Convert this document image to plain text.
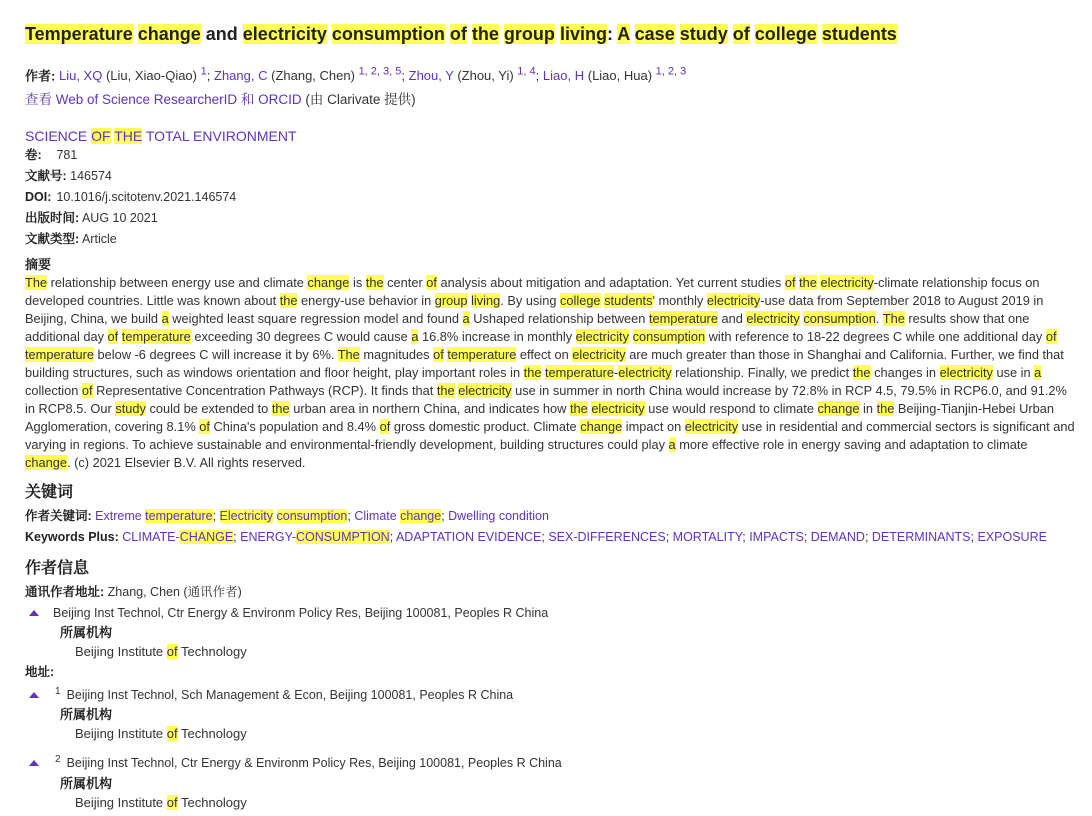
Temperature change and electricity consumption of the group living: A case study of college students
作者: Liu, XQ (Liu, Xiao-Qiao) $^1$; Zhang, C (Zhang, Chen) $^{1, 2, 3, 5}$; Zhou, Y (Zhou, Yi) $^{1, 4}$; Liao, H (Liao, Hua) $^{1, 2, 3}$
查看 Web of Science ResearcherID 和 ORCID (由 Clarivate 提供)
SCIENCE OF THE TOTAL ENVIRONMENT
卷: 781
文献号: 146574
DOI: 10.1016/j.scitotenv.2021.146574
出版时间: AUG 10 2021
文献类型: Article
摘要
The relationship between energy use and climate change is the center of analysis about mitigation and adaptation. Yet current studies of the electricity-climate relationship focus on developed countries. Little was known about the energy-use behavior in group living. By using college students' monthly electricity-use data from September 2018 to August 2019 in Beijing, China, we build a weighted least square regression model and found a Ushaped relationship between temperature and electricity consumption. The results show that one additional day of temperature exceeding 30 degrees C would cause a 16.8% increase in monthly electricity consumption with reference to 18-22 degrees C while one additional day of temperature below -6 degrees C will increase it by 6%. The magnitudes of temperature effect on electricity are much greater than those in Shanghai and California. Further, we find that building structures, such as windows orientation and floor height, play important roles in the temperature-electricity relationship. Finally, we predict the changes in electricity use in a collection of Representative Concentration Pathways (RCP). It finds that the electricity use in summer in north China would increase by 72.8% in RCP 4.5, 79.5% in RCP6.0, and 91.2% in RCP8.5. Our study could be extended to the urban area in northern China, and indicates how the electricity use would respond to climate change in the Beijing-Tianjin-Hebei Urban Agglomeration, covering 8.1% of China's population and 8.4% of gross domestic product. Climate change impact on electricity use in residential and commercial sectors is significant and varying in regions. To achieve sustainable and environmental-friendly development, building structures could play a more effective role in energy saving and adaptation to climate change. (c) 2021 Elsevier B.V. All rights reserved.
关键词
作者关键词: Extreme temperature; Electricity consumption; Climate change; Dwelling condition
Keywords Plus: CLIMATE-CHANGE; ENERGY-CONSUMPTION; ADAPTATION EVIDENCE; SEX-DIFFERENCES; MORTALITY; IMPACTS; DEMAND; DETERMINANTS; EXPOSURE
作者信息
通讯作者地址: Zhang, Chen (通讯作者)
Beijing Inst Technol, Ctr Energy & Environm Policy Res, Beijing 100081, Peoples R China
所属机构
Beijing Institute of Technology
地址:
$^1$ Beijing Inst Technol, Sch Management & Econ, Beijing 100081, Peoples R China
所属机构
Beijing Institute of Technology
$^2$ Beijing Inst Technol, Ctr Energy & Environm Policy Res, Beijing 100081, Peoples R China
所属机构
Beijing Institute of Technology
